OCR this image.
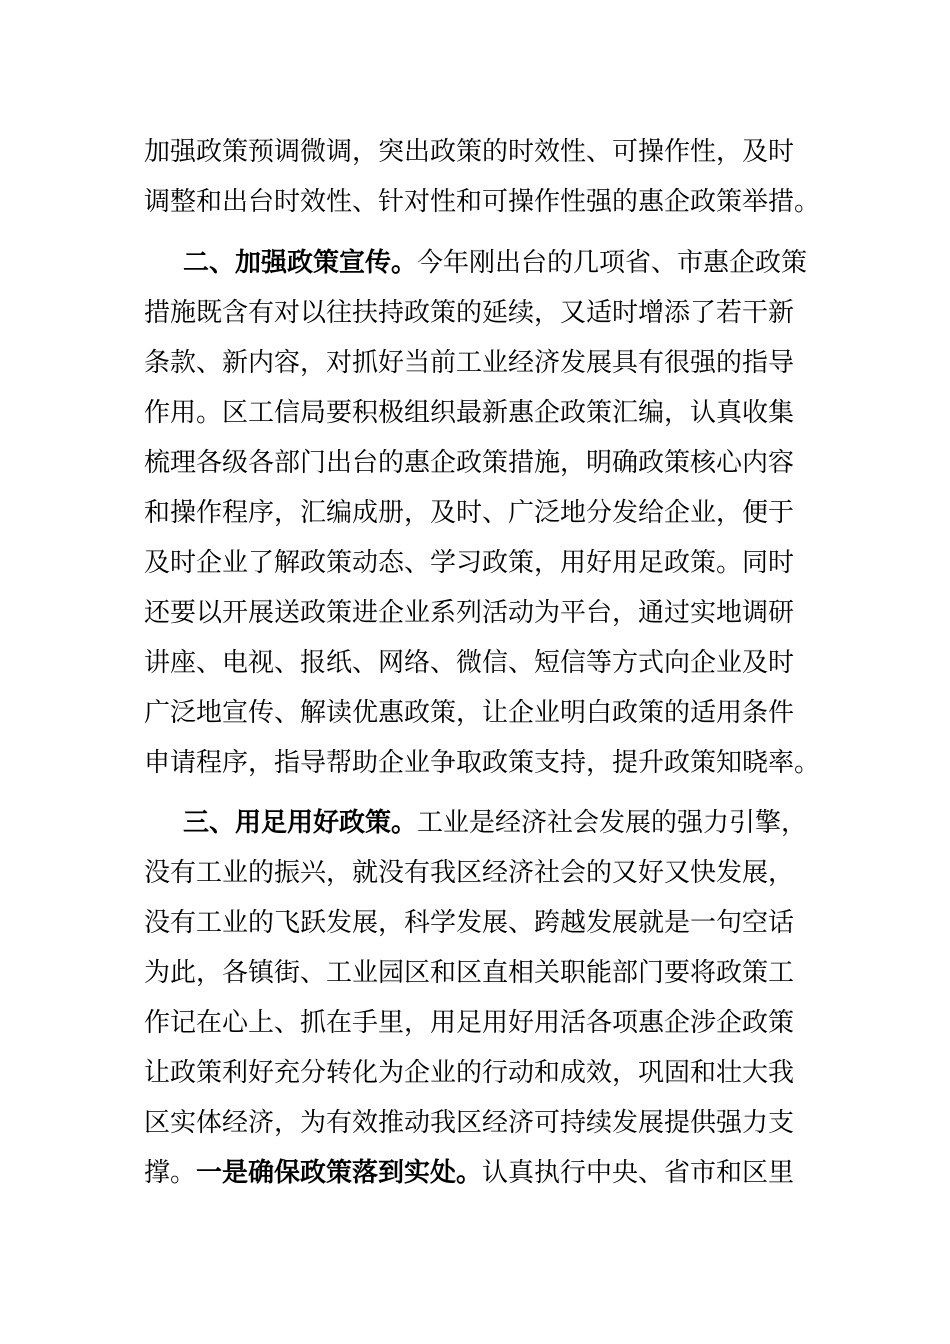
加强政策预调微调，突出政策的时效性、可操作性，及时
调整和出台时效性、针对性和可操作性强的惠企政策举措。
二、加强政策宣传。今年刚出台的几项省、市惠企政策
措施既含有对以往扶持政策的延续，又适时增添了若干新
条款、新内容，对抓好当前工业经济发展具有很强的指导
作用。区工信局要积极组织最新惠企政策汇编，认真收集
梳理各级各部门出台的惠企政策措施，明确政策核心内容
和操作程序，汇编成册，及时、广泛地分发给企业，便于
及时企业了解政策动态、学习政策，用好用足政策。同时
还要以开展送政策进企业系列活动为平台，通过实地调研
讲座、电视、报纸、网络、微信、短信等方式向企业及时
广泛地宣传、解读优惠政策，让企业明白政策的适用条件
申请程序，指导帮助企业争取政策支持，提升政策知晓率。
三、用足用好政策。工业是经济社会发展的强力引擎，
没有工业的振兴，就没有我区经济社会的又好又快发展，
没有工业的飞跃发展，科学发展、跨越发展就是一句空话
为此，各镇街、工业园区和区直相关职能部门要将政策工
作记在心上、抓在手里，用足用好用活各项惠企涉企政策
让政策利好充分转化为企业的行动和成效，巩固和壮大我
区实体经济，为有效推动我区经济可持续发展提供强力支
撑。一是确保政策落到实处。认真执行中央、省市和区里
